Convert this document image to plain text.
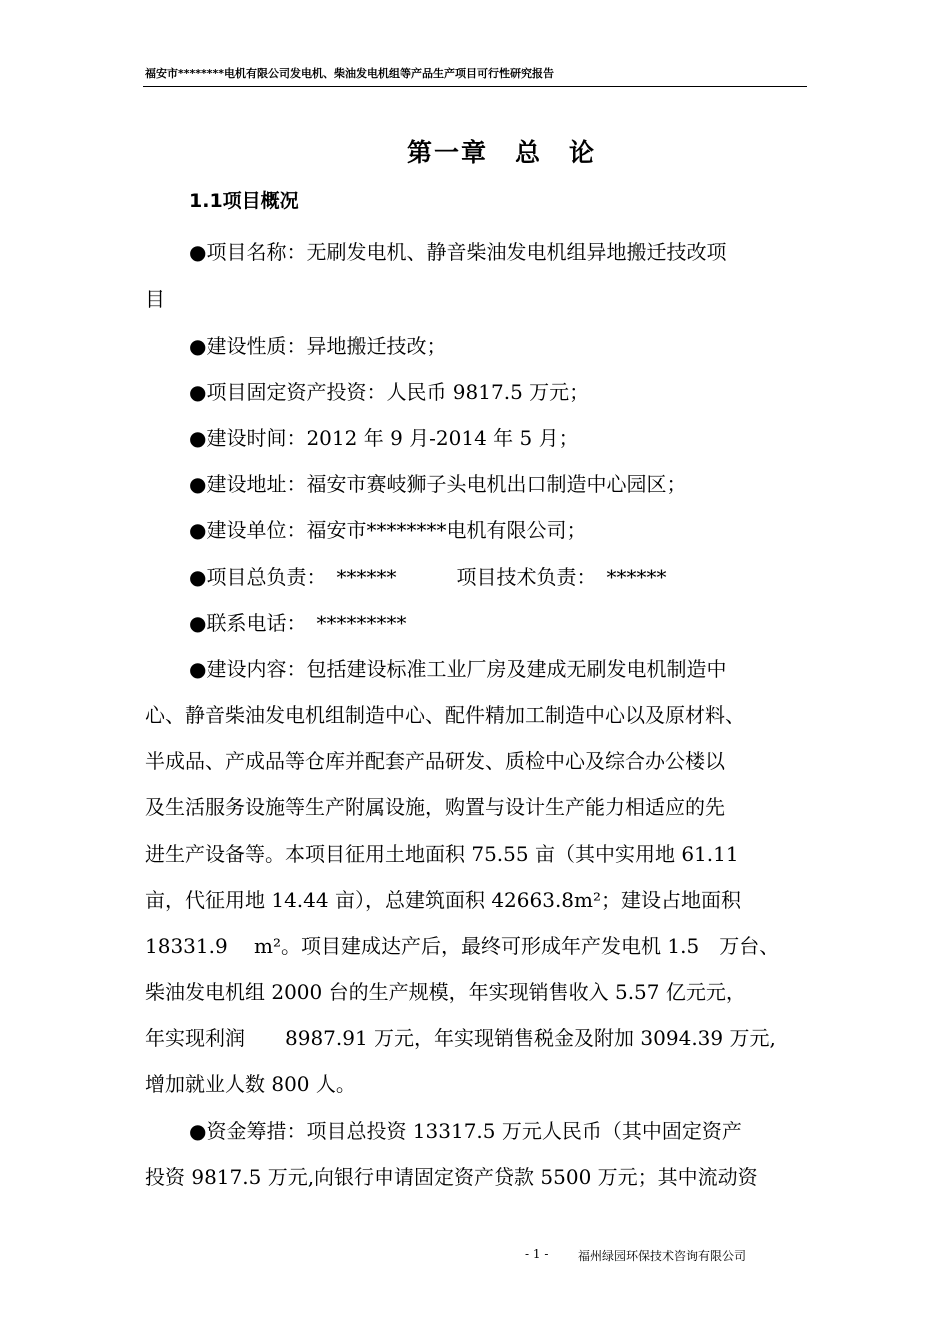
福安市********电机有限公司发电机、柴油发电机组等产品生产项目可行性研究报告
第一章　总　论
1.1项目概况
●项目名称：无刷发电机、静音柴油发电机组异地搬迁技改项
目
●建设性质：异地搬迁技改；
●项目固定资产投资：人民币 9817.5 万元；
●建设时间：2012 年 9 月-2014 年 5 月；
●建设地址：福安市赛岐狮子头电机出口制造中心园区；
●建设单位：福安市********电机有限公司；
●项目总负责：　******　　　项目技术负责：　******
●联系电话：　*********
●建设内容：包括建设标准工业厂房及建成无刷发电机制造中
心、静音柴油发电机组制造中心、配件精加工制造中心以及原材料、
半成品、产成品等仓库并配套产品研发、质检中心及综合办公楼以
及生活服务设施等生产附属设施，购置与设计生产能力相适应的先
进生产设备等。本项目征用土地面积 75.55 亩（其中实用地 61.11
亩，代征用地 14.44 亩），总建筑面积 42663.8m²；建设占地面积
18331.9　 m²。项目建成达产后，最终可形成年产发电机 1.5　万台、
柴油发电机组 2000 台的生产规模，年实现销售收入 5.57 亿元元，
年实现利润　　8987.91 万元，年实现销售税金及附加 3094.39 万元,
增加就业人数 800 人。
●资金筹措：项目总投资 13317.5 万元人民币（其中固定资产
投资 9817.5 万元,向银行申请固定资产贷款 5500 万元；其中流动资
- 1 - 福州绿园环保技术咨询有限公司
